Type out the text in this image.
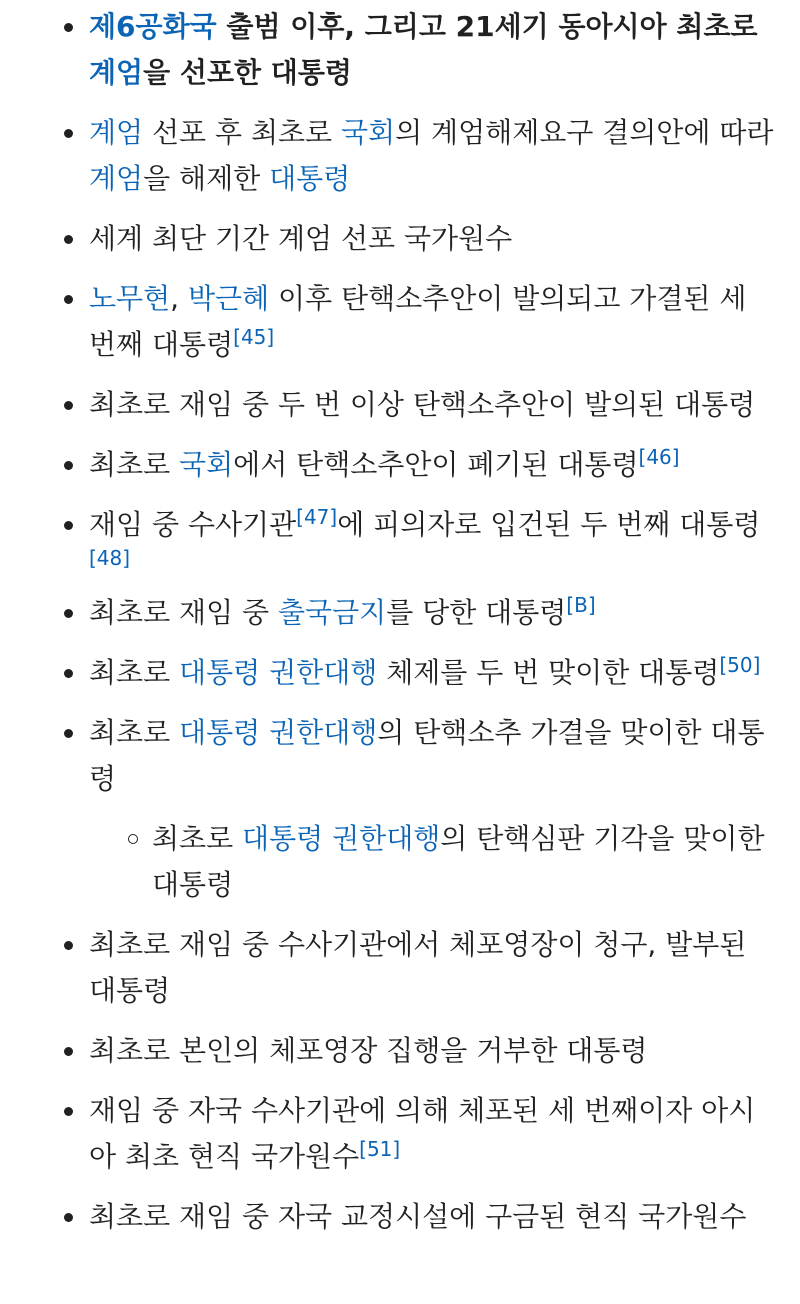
제6공화국 출범 이후, 그리고 21세기 동아시아 최초로 계엄을 선포한 대통령
계엄 선포 후 최초로 국회의 계엄해제요구 결의안에 따라 계엄을 해제한 대통령
세계 최단 기간 계엄 선포 국가원수
노무현, 박근혜 이후 탄핵소추안이 발의되고 가결된 세 번째 대통령[45]
최초로 재임 중 두 번 이상 탄핵소추안이 발의된 대통령
최초로 국회에서 탄핵소추안이 폐기된 대통령[46]
재임 중 수사기관[47]에 피의자로 입건된 두 번째 대통령
[48]
최초로 재임 중 출국금지를 당한 대통령[B]
최초로 대통령 권한대행 체제를 두 번 맞이한 대통령[50]
최초로 대통령 권한대행의 탄핵소추 가결을 맞이한 대통령
최초로 대통령 권한대행의 탄핵심판 기각을 맞이한 대통령
최초로 재임 중 수사기관에서 체포영장이 청구, 발부된 대통령
최초로 본인의 체포영장 집행을 거부한 대통령
재임 중 자국 수사기관에 의해 체포된 세 번째이자 아시아 최초 현직 국가원수[51]
최초로 재임 중 자국 교정시설에 구금된 현직 국가원수
